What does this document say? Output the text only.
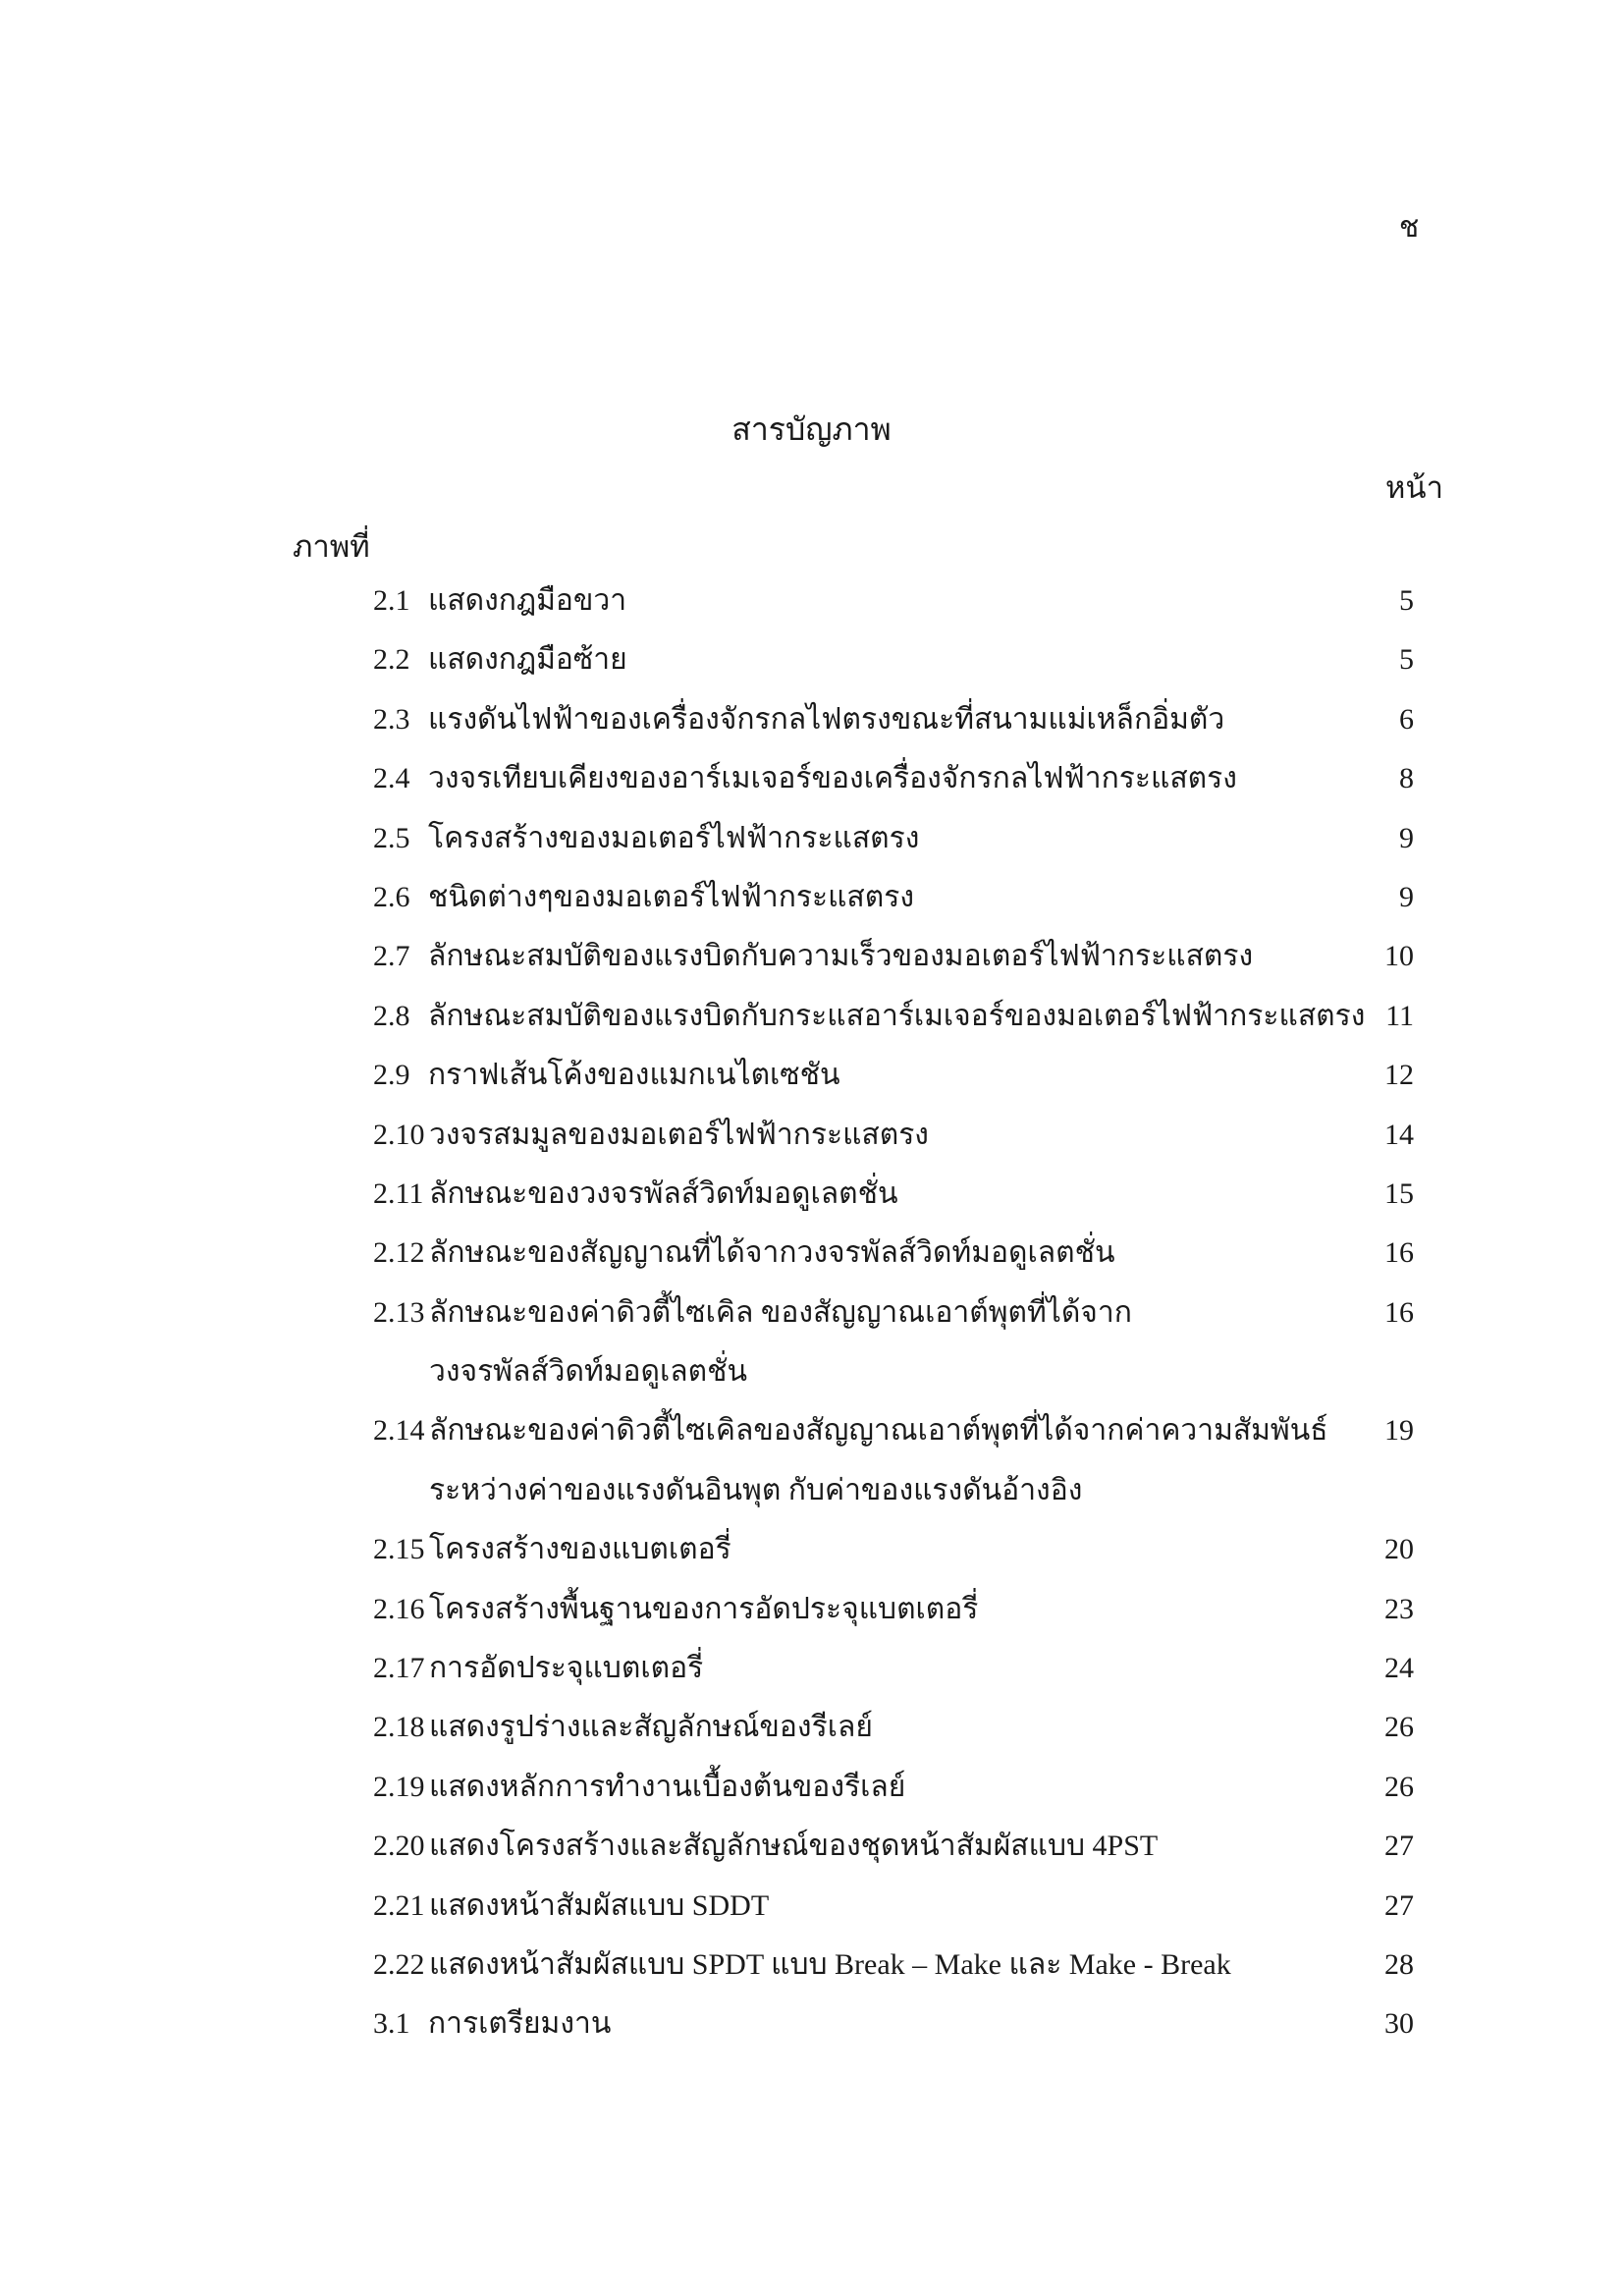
ช
สารบัญภาพ
หน้า
ภาพที่
2.1 แสดงกฎมือขวา	5
2.2 แสดงกฎมือซ้าย	5
2.3 แรงดันไฟฟ้าของเครื่องจักรกลไฟตรงขณะที่สนามแม่เหล็กอิ่มตัว	6
2.4 วงจรเทียบเคียงของอาร์เมเจอร์ของเครื่องจักรกลไฟฟ้ากระแสตรง	8
2.5 โครงสร้างของมอเตอร์ไฟฟ้ากระแสตรง	9
2.6 ชนิดต่างๆของมอเตอร์ไฟฟ้ากระแสตรง	9
2.7 ลักษณะสมบัติของแรงบิดกับความเร็วของมอเตอร์ไฟฟ้ากระแสตรง	10
2.8 ลักษณะสมบัติของแรงบิดกับกระแสอาร์เมเจอร์ของมอเตอร์ไฟฟ้ากระแสตรง 11
2.9 กราฟเส้นโค้งของแมกเนไตเซชัน	12
2.10 วงจรสมมูลของมอเตอร์ไฟฟ้ากระแสตรง	14
2.11 ลักษณะของวงจรพัลส์วิดท์มอดูเลตชั่น	15
2.12 ลักษณะของสัญญาณที่ได้จากวงจรพัลส์วิดท์มอดูเลตชั่น	16
2.13 ลักษณะของค่าดิวตี้ไซเคิล ของสัญญาณเอาต์พุตที่ได้จาก
วงจรพัลส์วิดท์มอดูเลตชั่น
16
2.14 ลักษณะของค่าดิวตี้ไซเคิลของสัญญาณเอาต์พุตที่ได้จากค่าความสัมพันธ์
ระหว่างค่าของแรงดันอินพุต กับค่าของแรงดันอ้างอิง
19
2.15 โครงสร้างของแบตเตอรี่	20
2.16 โครงสร้างพื้นฐานของการอัดประจุแบตเตอรี่	23
2.17 การอัดประจุแบตเตอรี่	24
2.18 แสดงรูปร่างและสัญลักษณ์ของรีเลย์	26
2.19 แสดงหลักการทำงานเบื้องต้นของรีเลย์	26
2.20 แสดงโครงสร้างและสัญลักษณ์ของชุดหน้าสัมผัสแบบ 4PST	27
2.21 แสดงหน้าสัมผัสแบบ SDDT	27
2.22 แสดงหน้าสัมผัสแบบ SPDT แบบ Break – Make และ Make - Break	28
3.1 การเตรียมงาน	30
